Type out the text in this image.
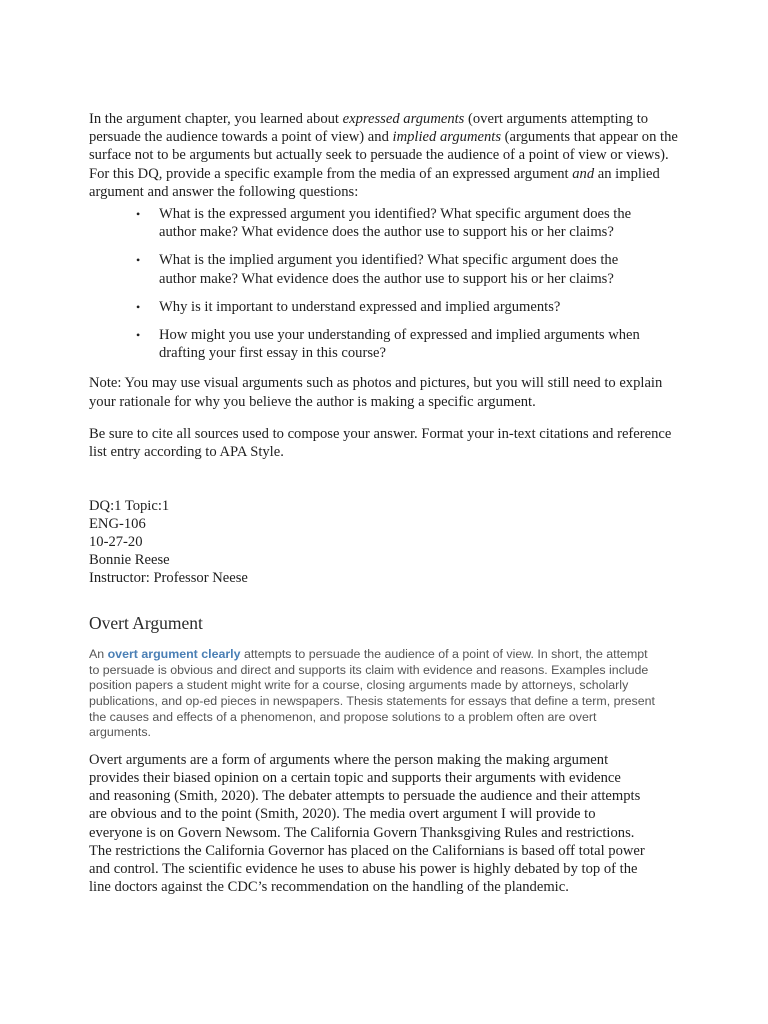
In the argument chapter, you learned about expressed arguments (overt arguments attempting to persuade the audience towards a point of view) and implied arguments (arguments that appear on the surface not to be arguments but actually seek to persuade the audience of a point of view or views). For this DQ, provide a specific example from the media of an expressed argument and an implied argument and answer the following questions:

• What is the expressed argument you identified? What specific argument does the author make? What evidence does the author use to support his or her claims?
• What is the implied argument you identified? What specific argument does the author make? What evidence does the author use to support his or her claims?
• Why is it important to understand expressed and implied arguments?
• How might you use your understanding of expressed and implied arguments when drafting your first essay in this course?

Note: You may use visual arguments such as photos and pictures, but you will still need to explain your rationale for why you believe the author is making a specific argument.

Be sure to cite all sources used to compose your answer. Format your in-text citations and reference list entry according to APA Style.

DQ:1 Topic:1
ENG-106
10-27-20
Bonnie Reese
Instructor: Professor Neese
Overt Argument

An overt argument clearly attempts to persuade the audience of a point of view. In short, the attempt to persuade is obvious and direct and supports its claim with evidence and reasons. Examples include position papers a student might write for a course, closing arguments made by attorneys, scholarly publications, and op-ed pieces in newspapers. Thesis statements for essays that define a term, present the causes and effects of a phenomenon, and propose solutions to a problem often are overt arguments.

Overt arguments are a form of arguments where the person making the making argument provides their biased opinion on a certain topic and supports their arguments with evidence and reasoning (Smith, 2020). The debater attempts to persuade the audience and their attempts are obvious and to the point (Smith, 2020). The media overt argument I will provide to everyone is on Govern Newsom. The California Govern Thanksgiving Rules and restrictions. The restrictions the California Governor has placed on the Californians is based off total power and control. The scientific evidence he uses to abuse his power is highly debated by top of the line doctors against the CDC’s recommendation on the handling of the plandemic.
